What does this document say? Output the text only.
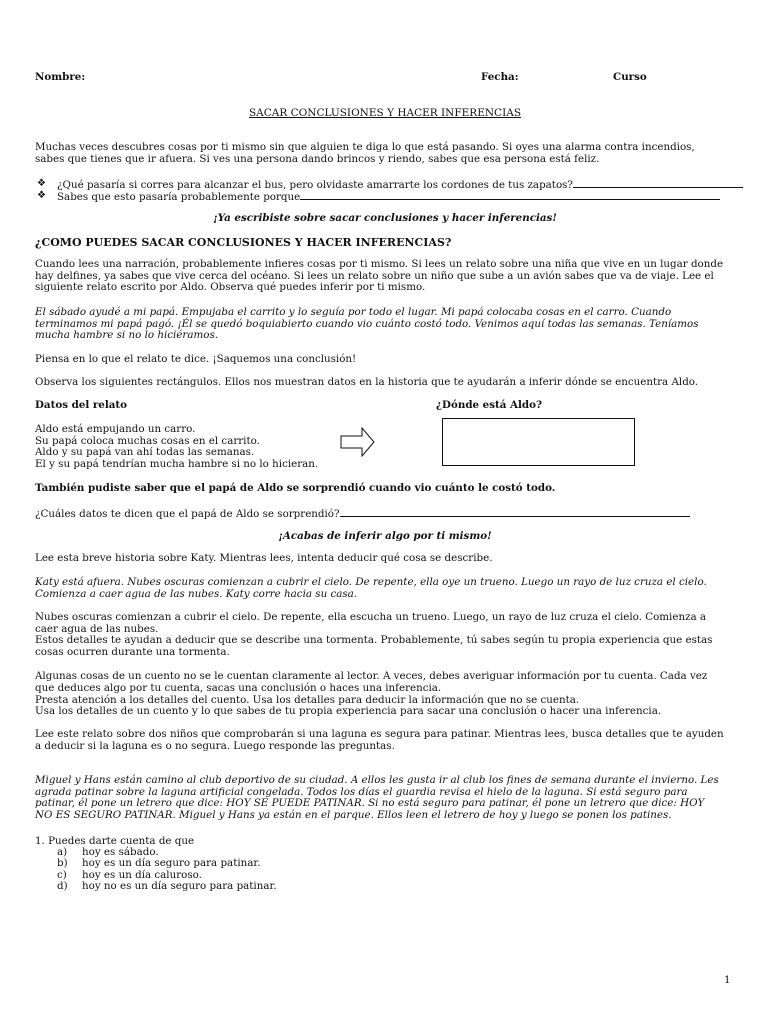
Nombre:	Fecha:	Curso
SACAR CONCLUSIONES Y HACER INFERENCIAS
Muchas veces descubres cosas por ti mismo sin que alguien te diga lo que está pasando. Si oyes una alarma contra incendios, sabes que tienes que ir afuera. Si ves una persona dando brincos y riendo, sabes que esa persona está feliz.
❖ ¿Qué pasaría si corres para alcanzar el bus, pero olvidaste amarrarte los cordones de tus zapatos?
❖ Sabes que esto pasaría probablemente porque
¡Ya escribiste sobre sacar conclusiones y hacer inferencias!
¿COMO PUEDES SACAR CONCLUSIONES Y HACER INFERENCIAS?
Cuando lees una narración, probablemente infieres cosas por ti mismo. Si lees un relato sobre una niña que vive en un lugar donde hay delfines, ya sabes que vive cerca del océano. Si lees un relato sobre un niño que sube a un avión sabes que va de viaje. Lee el siguiente relato escrito por Aldo. Observa qué puedes inferir por ti mismo.
El sábado ayudé a mi papá. Empujaba el carrito y lo seguía por todo el lugar. Mi papá colocaba cosas en el carro. Cuando terminamos mi papá pagó. ¡Él se quedó boquiabierto cuando vio cuánto costó todo. Venimos aquí todas las semanas. Teníamos mucha hambre si no lo hiciéramos.
Piensa en lo que el relato te dice. ¡Saquemos una conclusión!
Observa los siguientes rectángulos. Ellos nos muestran datos en la historia que te ayudarán a inferir dónde se encuentra Aldo.
Datos del relato	¿Dónde está Aldo?
Aldo está empujando un carro.
Su papá coloca muchas cosas en el carrito.
Aldo y su papá van ahí todas las semanas.
El y su papá tendrían mucha hambre si no lo hicieran.
También pudiste saber que el papá de Aldo se sorprendió cuando vio cuánto le costó todo.
¿Cuáles datos te dicen que el papá de Aldo se sorprendió?
¡Acabas de inferir algo por ti mismo!
Lee esta breve historia sobre Katy. Mientras lees, intenta deducir qué cosa se describe.
Katy está afuera. Nubes oscuras comienzan a cubrir el cielo. De repente, ella oye un trueno. Luego un rayo de luz cruza el cielo. Comienza a caer agua de las nubes. Katy corre hacia su casa.
Nubes oscuras comienzan a cubrir el cielo. De repente, ella escucha un trueno. Luego, un rayo de luz cruza el cielo. Comienza a caer agua de las nubes.
Estos detalles te ayudan a deducir que se describe una tormenta. Probablemente, tú sabes según tu propia experiencia que estas cosas ocurren durante una tormenta.
Algunas cosas de un cuento no se le cuentan claramente al lector. A veces, debes averiguar información por tu cuenta. Cada vez que deduces algo por tu cuenta, sacas una conclusión o haces una inferencia.
Presta atención a los detalles del cuento. Usa los detalles para deducir la información que no se cuenta.
Usa los detalles de un cuento y lo que sabes de tu propia experiencia para sacar una conclusión o hacer una inferencia.
Lee este relato sobre dos niños que comprobarán si una laguna es segura para patinar. Mientras lees, busca detalles que te ayuden a deducir si la laguna es o no segura. Luego responde las preguntas.
Miguel y Hans están camino al club deportivo de su ciudad. A ellos les gusta ir al club los fines de semana durante el invierno. Les agrada patinar sobre la laguna artificial congelada. Todos los días el guardia revisa el hielo de la laguna. Si está seguro para patinar, él pone un letrero que dice: HOY SE PUEDE PATINAR. Si no está seguro para patinar, él pone un letrero que dice: HOY NO ES SEGURO PATINAR. Miguel y Hans ya están en el parque. Ellos leen el letrero de hoy y luego se ponen los patines.
1. Puedes darte cuenta de que
a) hoy es sábado.
b) hoy es un día seguro para patinar.
c) hoy es un día caluroso.
d) hoy no es un día seguro para patinar.
1
